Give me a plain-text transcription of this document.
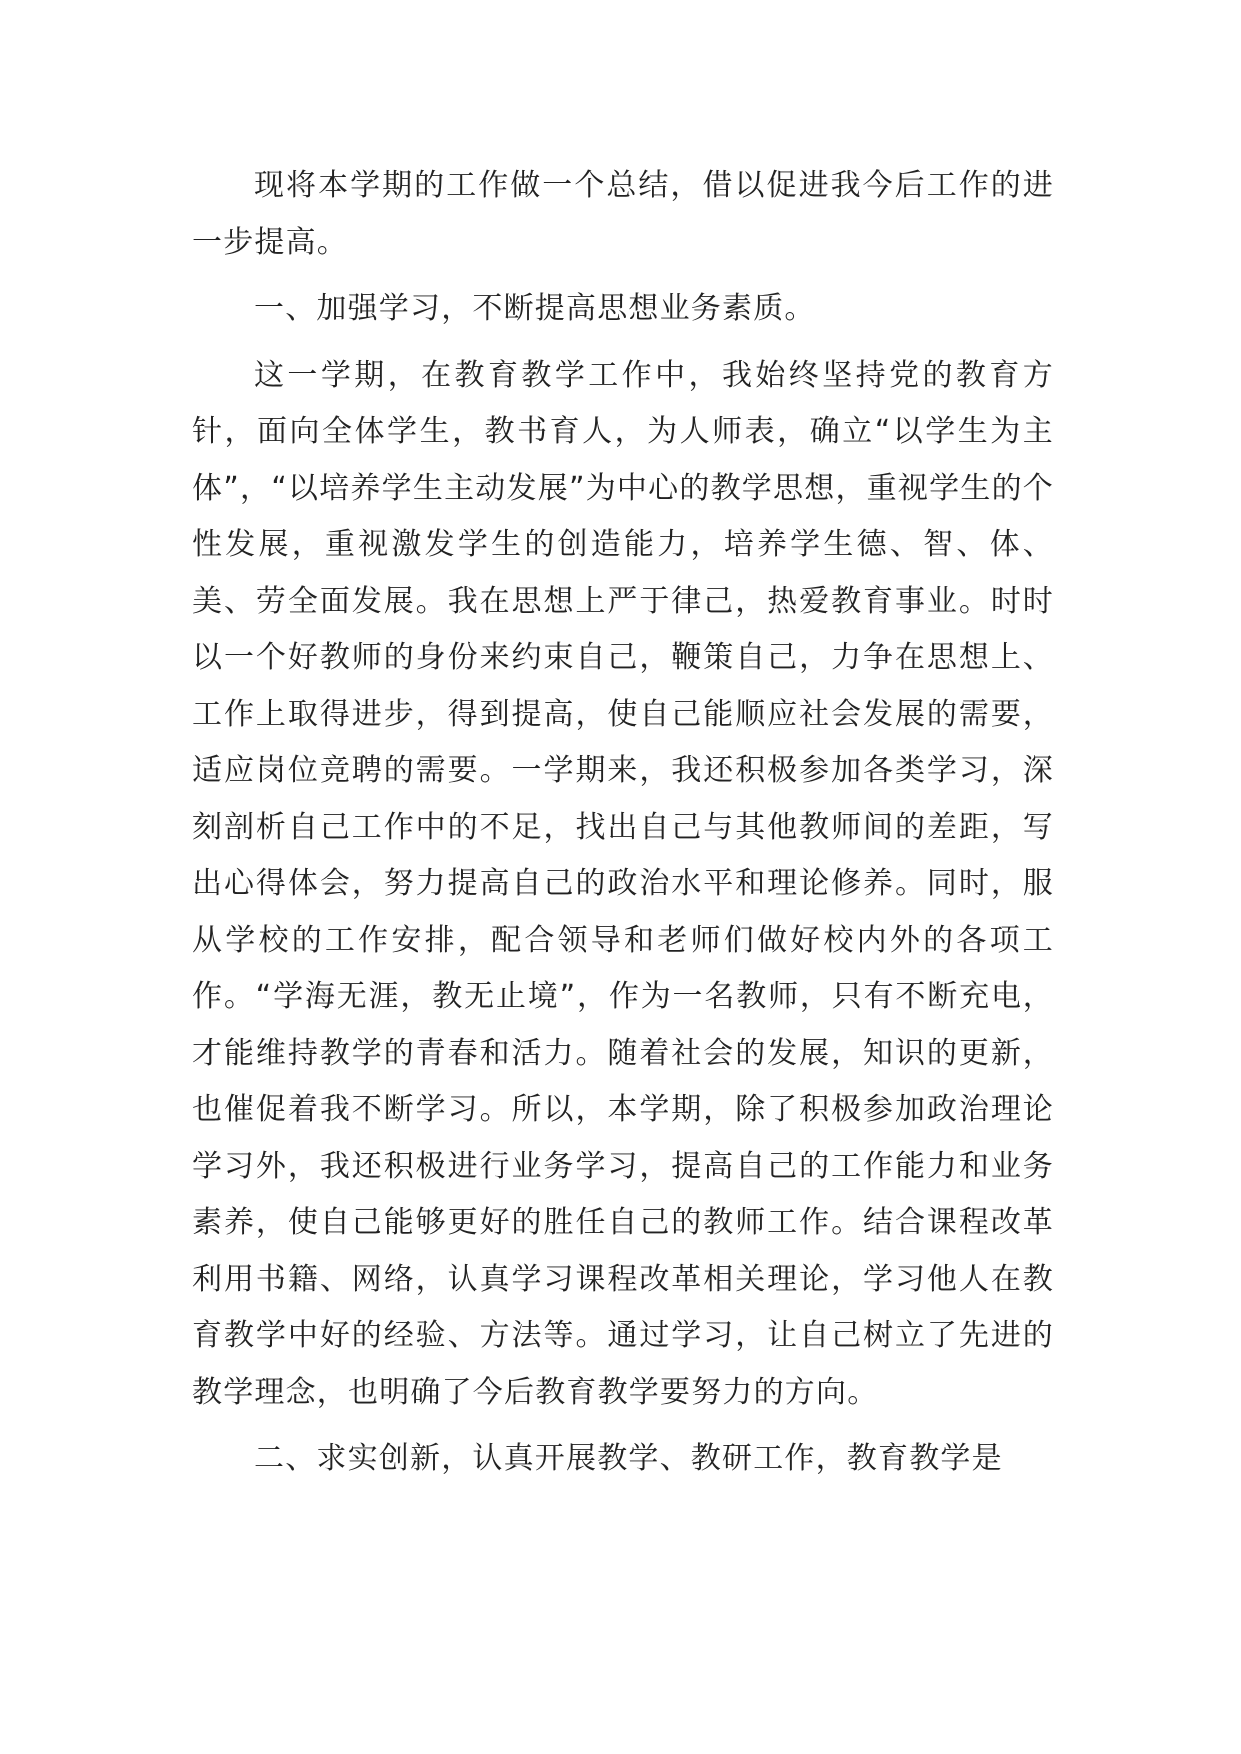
现将本学期的工作做一个总结，借以促进我今后工作的进一步提高。

一、加强学习，不断提高思想业务素质。

这一学期，在教育教学工作中，我始终坚持党的教育方针，面向全体学生，教书育人，为人师表，确立“以学生为主体”，“以培养学生主动发展”为中心的教学思想，重视学生的个性发展，重视激发学生的创造能力，培养学生德、智、体、美、劳全面发展。我在思想上严于律己，热爱教育事业。时时以一个好教师的身份来约束自己，鞭策自己，力争在思想上、工作上取得进步，得到提高，使自己能顺应社会发展的需要，适应岗位竞聘的需要。一学期来，我还积极参加各类学习，深刻剖析自己工作中的不足，找出自己与其他教师间的差距，写出心得体会，努力提高自己的政治水平和理论修养。同时，服从学校的工作安排，配合领导和老师们做好校内外的各项工作。“学海无涯，教无止境”，作为一名教师，只有不断充电，才能维持教学的青春和活力。随着社会的发展，知识的更新，也催促着我不断学习。所以，本学期，除了积极参加政治理论学习外，我还积极进行业务学习，提高自己的工作能力和业务素养，使自己能够更好的胜任自己的教师工作。结合课程改革利用书籍、网络，认真学习课程改革相关理论，学习他人在教育教学中好的经验、方法等。通过学习，让自己树立了先进的教学理念，也明确了今后教育教学要努力的方向。

二、求实创新，认真开展教学、教研工作，教育教学是
